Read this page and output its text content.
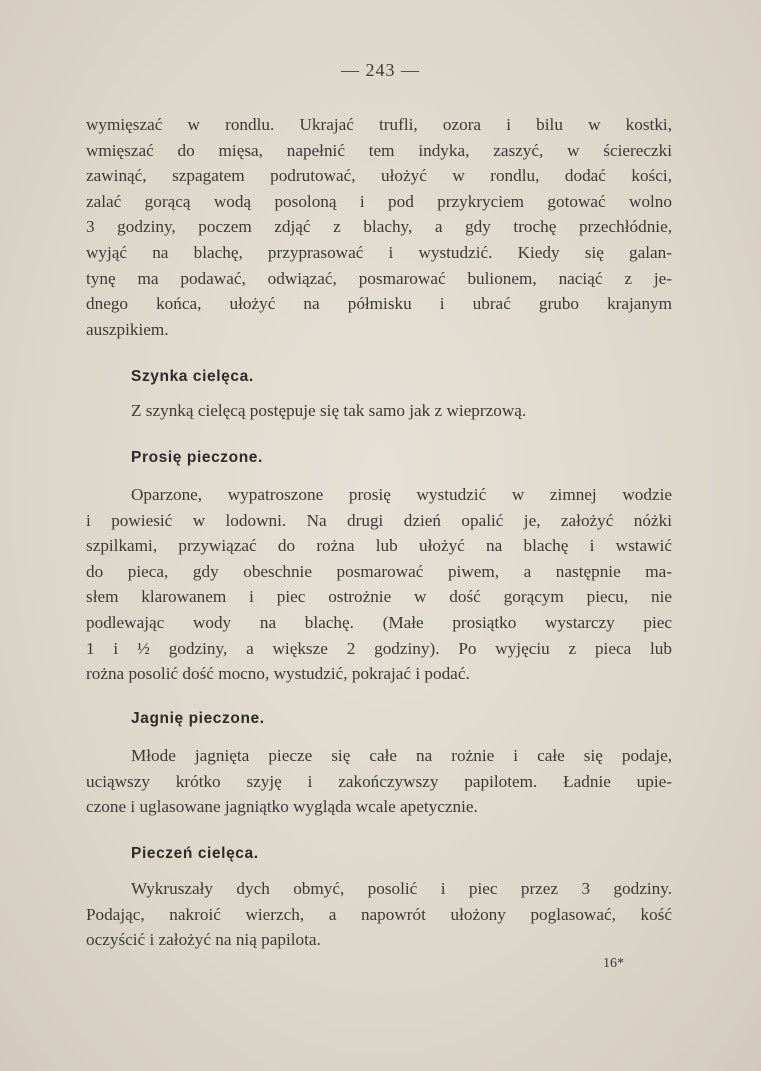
— 243 —
wymięszać w rondlu. Ukrajać trufli, ozora i bilu w kostki,
wmięszać do mięsa, napełnić tem indyka, zaszyć, w ściereczki
zawinąć, szpagatem podrutować, ułożyć w rondlu, dodać kości,
zalać gorącą wodą posoloną i pod przykryciem gotować wolno
3 godziny, poczem zdjąć z blachy, a gdy trochę przechłódnie,
wyjąć na blachę, przyprasować i wystudzić. Kiedy się galan-
tynę ma podawać, odwiązać, posmarować bulionem, naciąć z je-
dnego końca, ułożyć na półmisku i ubrać grubo krajanym
auszpikiem.
Szynka cielęca.
Z szynką cielęcą postępuje się tak samo jak z wieprzową.
Prosię pieczone.
Oparzone, wypatroszone prosię wystudzić w zimnej wodzie
i powiesić w lodowni. Na drugi dzień opalić je, założyć nóżki
szpilkami, przywiązać do rożna lub ułożyć na blachę i wstawić
do pieca, gdy obeschnie posmarować piwem, a następnie ma-
słem klarowanem i piec ostrożnie w dość gorącym piecu, nie
podlewając wody na blachę. (Małe prosiątko wystarczy piec
1 i ½ godziny, a większe 2 godziny). Po wyjęciu z pieca lub
rożna posolić dość mocno, wystudzić, pokrajać i podać.
Jagnię pieczone.
Młode jagnięta piecze się całe na rożnie i całe się podaje,
uciąwszy krótko szyję i zakończywszy papilotem. Ładnie upie-
czone i uglasowane jagniątko wygląda wcale apetycznie.
Pieczeń cielęca.
Wykruszały dych obmyć, posolić i piec przez 3 godziny.
Podając, nakroić wierzch, a napowrót ułożony poglasować, kość
oczyścić i założyć na nią papilota.
16*
